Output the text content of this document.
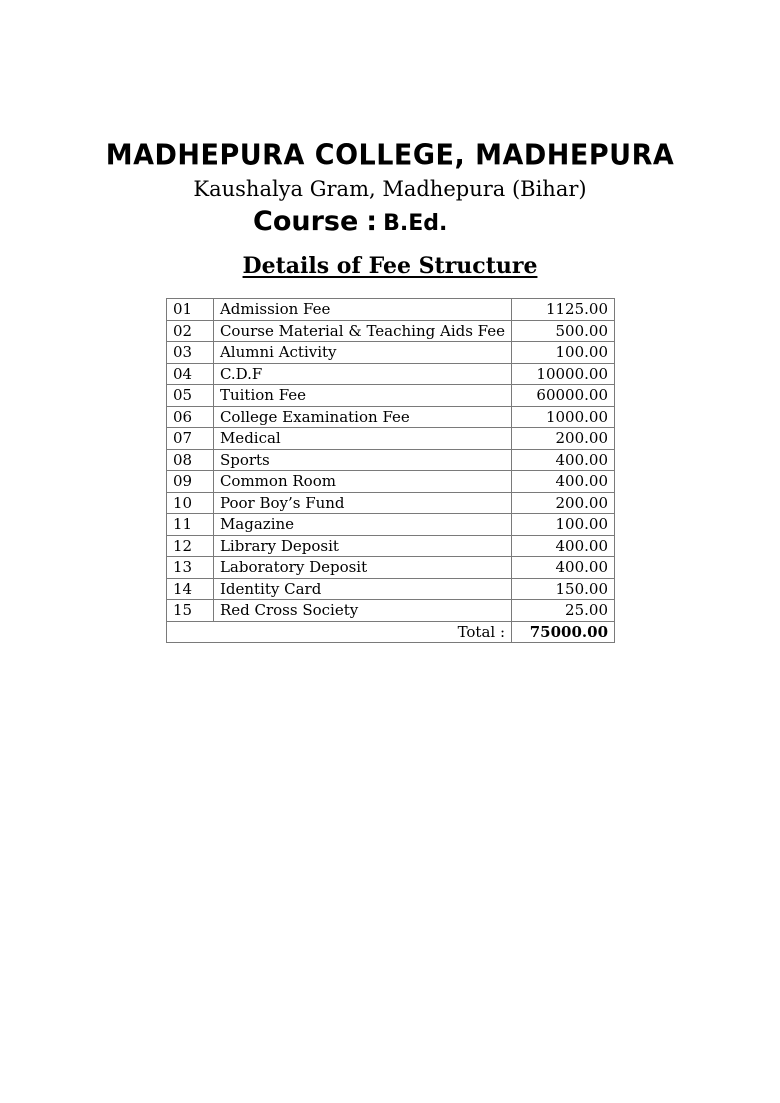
MADHEPURA COLLEGE, MADHEPURA
Kaushalya Gram, Madhepura (Bihar)
Course : B.Ed.
Details of Fee Structure
01	Admission Fee	1125.00
02	Course Material & Teaching Aids Fee	500.00
03	Alumni Activity	100.00
04	C.D.F	10000.00
05	Tuition Fee	60000.00
06	College Examination Fee	1000.00
07	Medical	200.00
08	Sports	400.00
09	Common Room	400.00
10	Poor Boy’s Fund	200.00
11	Magazine	100.00
12	Library Deposit	400.00
13	Laboratory Deposit	400.00
14	Identity Card	150.00
15	Red Cross Society	25.00
Total :		75000.00
